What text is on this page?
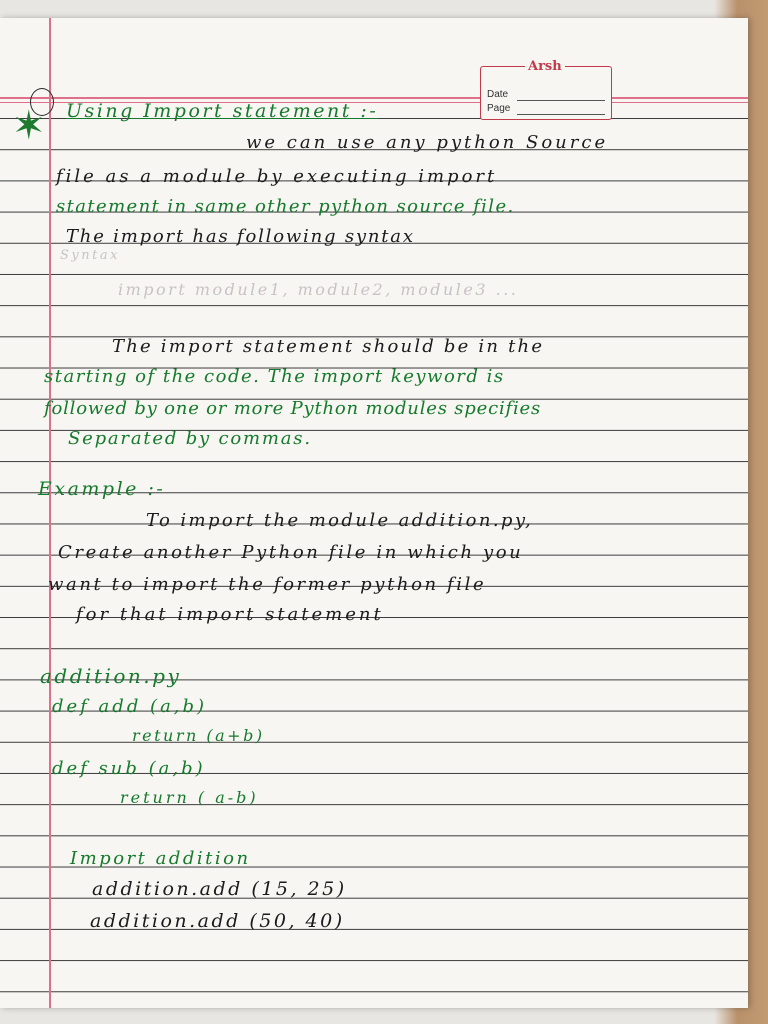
Arsh
Date
Page
✶	Using Import statement :-
we can use any python Source
file as a module by executing import
statement in same other python source file.
The import has following syntax
Syntax
import module1, module2, module3 ...
The import statement should be in the
starting of the code. The import keyword is
followed by one or more Python modules specifies
Separated by commas.
Example :-
To import the module addition.py,
Create another Python file in which you
want to import the former python file
for that import statement
addition.py
def add (a,b)
return (a+b)
def sub (a,b)
return ( a-b)
Import addition
addition.add (15, 25)
addition.add (50, 40)
